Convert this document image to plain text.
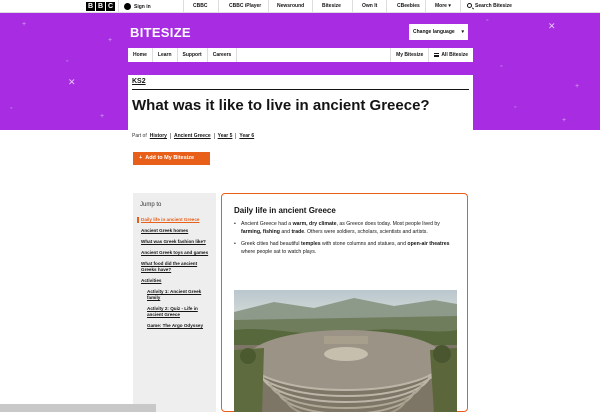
B B C	Sign in	CBBC	CBBC iPlayer	Newsround	Bitesize	Own It	CBeebies	More ▾	Search Bitesize
+
◦
✕
+
◦
+
◦
✕
+
◦
+
◦
BITESIZE	Change language ▾
Home	Learn	Support	Careers	My Bitesize	All Bitesize
KS2
What was it like to live in ancient Greece?
Part of History Ancient Greece Year 5 Year 6
+ Add to My Bitesize
Jump to
Daily life in ancient Greece
Ancient Greek homes
What was Greek fashion like?
Ancient Greek toys and games
What food did the ancient Greeks have?
Activities
Activity 1: Ancient Greek family
Activity 2: Quiz - Life in ancient Greece
Game: The Argo Odyssey
Daily life in ancient Greece
• Ancient Greece had a warm, dry climate, as Greece does today. Most people lived by farming, fishing and trade. Others were soldiers, scholars, scientists and artists.
• Greek cities had beautiful temples with stone columns and statues, and open-air theatres where people sat to watch plays.
